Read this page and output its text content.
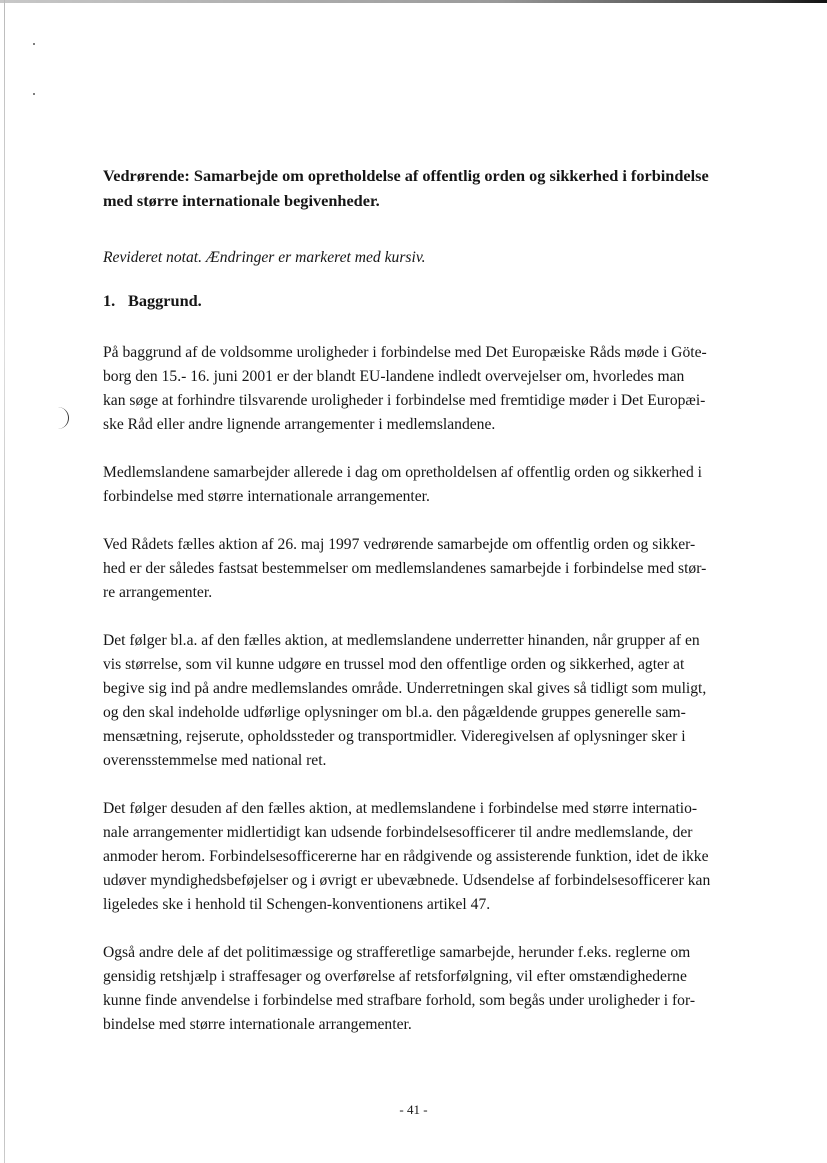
Vedrørende: Samarbejde om opretholdelse af offentlig orden og sikkerhed i forbindelse
med større internationale begivenheder.

Revideret notat. Ændringer er markeret med kursiv.

1. Baggrund.

På baggrund af de voldsomme uroligheder i forbindelse med Det Europæiske Råds møde i Göte-
borg den 15.- 16. juni 2001 er der blandt EU-landene indledt overvejelser om, hvorledes man
kan søge at forhindre tilsvarende uroligheder i forbindelse med fremtidige møder i Det Europæi-
ske Råd eller andre lignende arrangementer i medlemslandene.

Medlemslandene samarbejder allerede i dag om opretholdelsen af offentlig orden og sikkerhed i
forbindelse med større internationale arrangementer.

Ved Rådets fælles aktion af 26. maj 1997 vedrørende samarbejde om offentlig orden og sikker-
hed er der således fastsat bestemmelser om medlemslandenes samarbejde i forbindelse med stør-
re arrangementer.

Det følger bl.a. af den fælles aktion, at medlemslandene underretter hinanden, når grupper af en
vis størrelse, som vil kunne udgøre en trussel mod den offentlige orden og sikkerhed, agter at
begive sig ind på andre medlemslandes område. Underretningen skal gives så tidligt som muligt,
og den skal indeholde udførlige oplysninger om bl.a. den pågældende gruppes generelle sam-
mensætning, rejserute, opholdssteder og transportmidler. Videregivelsen af oplysninger sker i
overensstemmelse med national ret.

Det følger desuden af den fælles aktion, at medlemslandene i forbindelse med større internatio-
nale arrangementer midlertidigt kan udsende forbindelsesofficerer til andre medlemslande, der
anmoder herom. Forbindelsesofficererne har en rådgivende og assisterende funktion, idet de ikke
udøver myndighedsbeføjelser og i øvrigt er ubevæbnede. Udsendelse af forbindelsesofficerer kan
ligeledes ske i henhold til Schengen-konventionens artikel 47.

Også andre dele af det politimæssige og strafferetlige samarbejde, herunder f.eks. reglerne om
gensidig retshjælp i straffesager og overførelse af retsforfølgning, vil efter omstændighederne
kunne finde anvendelse i forbindelse med strafbare forhold, som begås under uroligheder i for-
bindelse med større internationale arrangementer.

- 41 -
